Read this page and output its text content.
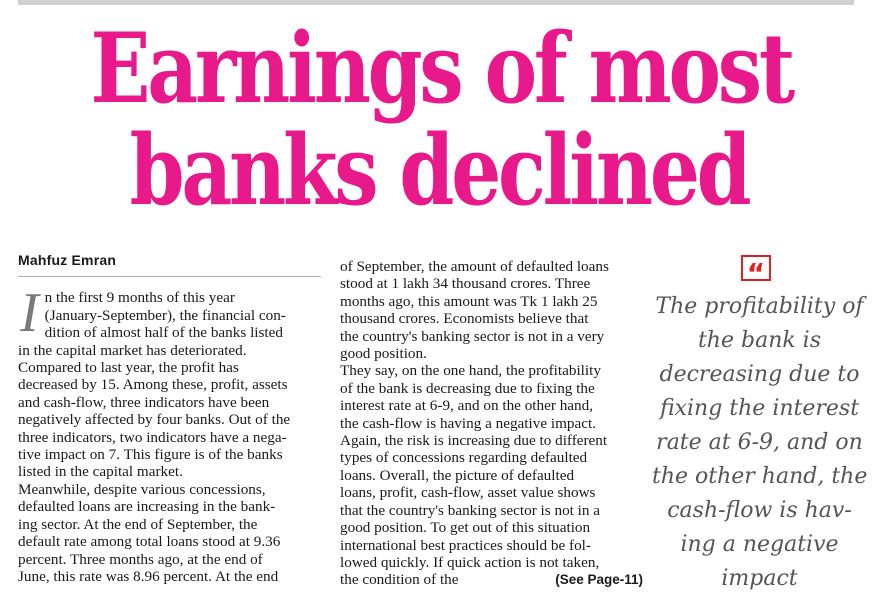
Earnings of most
banks declined
Mahfuz Emran
I n the first 9 months of this year

(January-September), the financial con-

dition of almost half of the banks listed

in the capital market has deteriorated.

Compared to last year, the profit has

decreased by 15. Among these, profit, assets

and cash-flow, three indicators have been

negatively affected by four banks. Out of the

three indicators, two indicators have a nega-

tive impact on 7. This figure is of the banks

listed in the capital market.

Meanwhile, despite various concessions,

defaulted loans are increasing in the bank-

ing sector. At the end of September, the

default rate among total loans stood at 9.36

percent. Three months ago, at the end of

June, this rate was 8.96 percent. At the end

of September, the amount of defaulted loans

stood at 1 lakh 34 thousand crores. Three

months ago, this amount was Tk 1 lakh 25

thousand crores. Economists believe that

the country's banking sector is not in a very

good position.

They say, on the one hand, the profitability

of the bank is decreasing due to fixing the

interest rate at 6-9, and on the other hand,

the cash-flow is having a negative impact.

Again, the risk is increasing due to different

types of concessions regarding defaulted

loans. Overall, the picture of defaulted

loans, profit, cash-flow, asset value shows

that the country's banking sector is not in a

good position. To get out of this situation

international best practices should be fol-

lowed quickly. If quick action is not taken,

the condition of the	(See Page-11)

“
The profitability of
the bank is
decreasing due to
fixing the interest
rate at 6-9, and on
the other hand, the
cash-flow is hav-
ing a negative
impact
